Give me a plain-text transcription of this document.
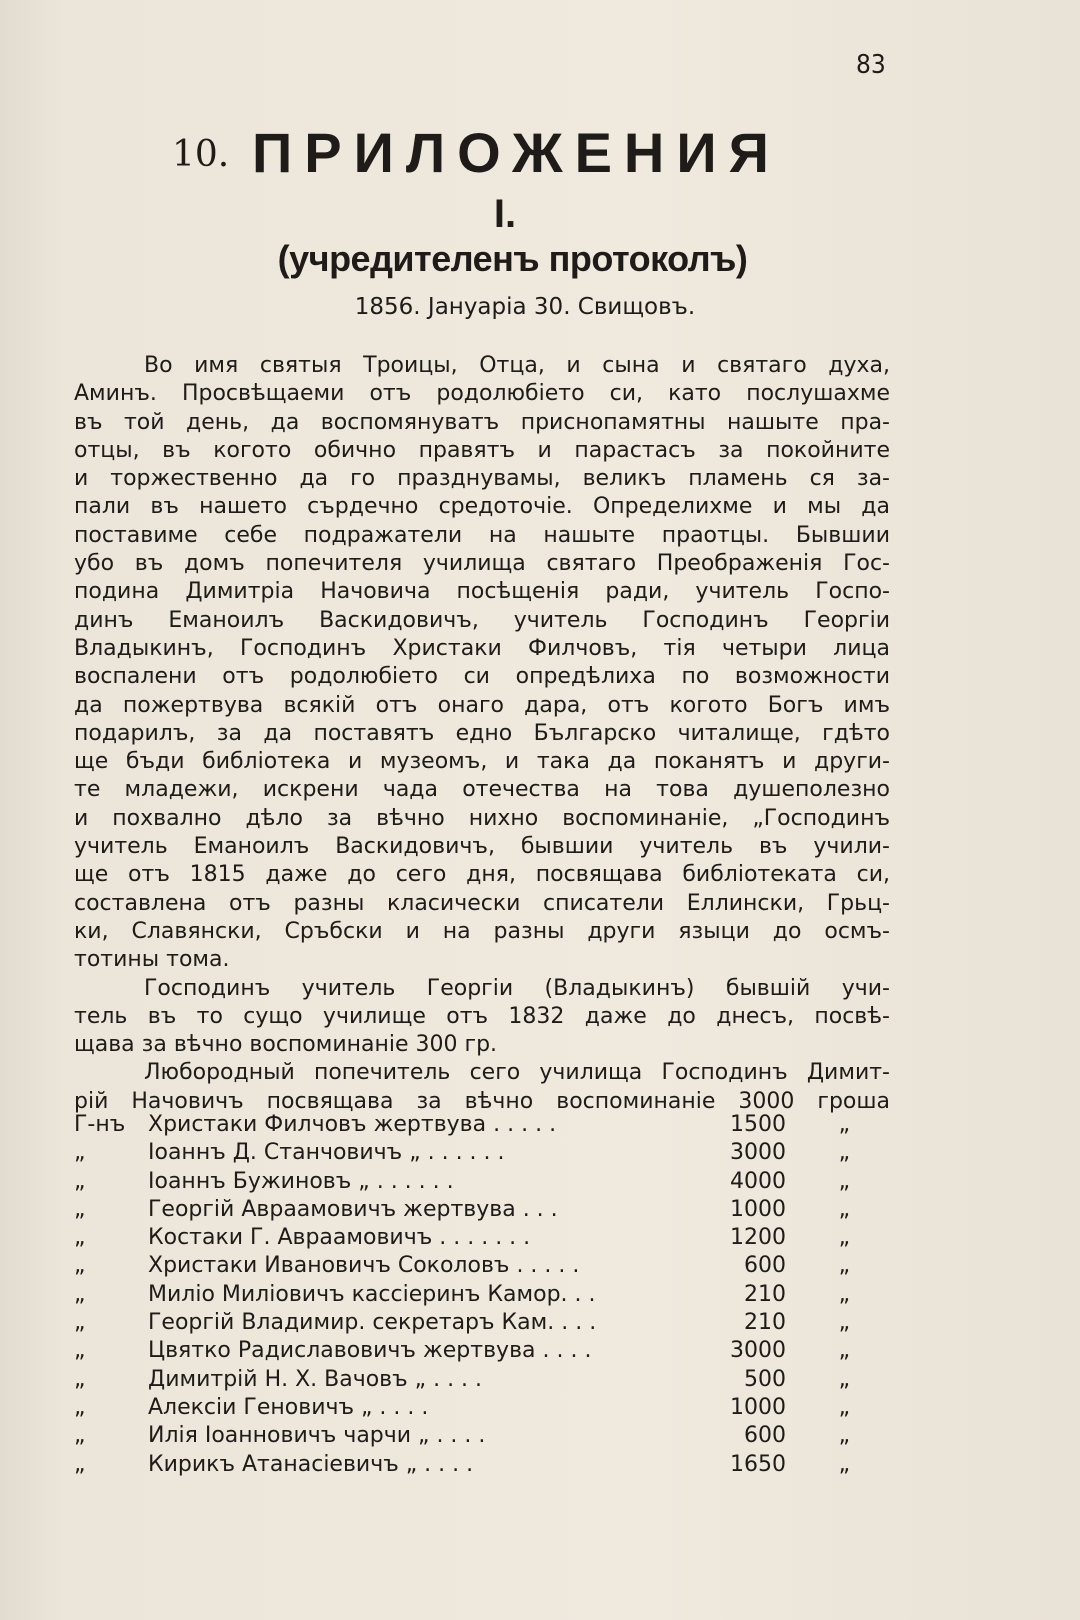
83
10. ПРИЛОЖЕНИЯ
I.
(учредителенъ протоколъ)
1856. Јануаріа 30. Свищовъ.
Во имя святыя Троицы, Отца, и сына и святаго духа,
Аминъ. Просвѣщаеми отъ родолюбіето си, като послушахме
въ той день, да воспомянуватъ приснопамятны нашыте пра-
отцы, въ когото обично правятъ и парастасъ за покойните
и торжественно да го празднувамы, великъ пламень ся за-
пали въ нашето сърдечно средоточіе. Определихме и мы да
поставиме себе подражатели на нашыте праотцы. Бывшии
убо въ домъ попечителя училища святаго Преображенія Гос-
подина Димитріа Начовича посѣщенія ради, учитель Госпо-
динъ Еманоилъ Васкидовичъ, учитель Господинъ Георгіи
Владыкинъ, Господинъ Христаки Филчовъ, тія четыри лица
воспалени отъ родолюбіето си опредѣлиха по возможности
да пожертвува всякій отъ онаго дара, отъ когото Богъ имъ
подарилъ, за да поставятъ едно Българско читалище, гдѣто
ще бъди библіотека и музеомъ, и така да поканятъ и други-
те младежи, искрени чада отечества на това душеполезно
и похвално дѣло за вѣчно нихно воспоминаніе, „Господинъ
учитель Еманоилъ Васкидовичъ, бывшии учитель въ учили-
ще отъ 1815 даже до сего дня, посвящава библіотеката си,
составлена отъ разны класически списатели Еллински, Грьц-
ки, Славянски, Сръбски и на разны други языци до осмъ-
тотины тома.
Господинъ учитель Георгіи (Владыкинъ) бывшій учи-
тель въ то сущо училище отъ 1832 даже до днесъ, посвѣ-
щава за вѣчно воспоминаніе 300 гр.
Любородный попечитель сего училища Господинъ Димит-
рій Начовичъ посвящава за вѣчно воспоминаніе 3000 гроша
Г-нъ Христаки Филчовъ жертвува . . . . .	1500 „
„	Іоаннъ Д. Станчовичъ „ . . . . . .	3000 „
„	Іоаннъ Бужиновъ „ . . . . . .	4000 „
„	Георгій Авраамовичъ жертвува . . .	1000 „
„	Костаки Г. Авраамовичъ . . . . . . .	1200 „
„	Христаки Ивановичъ Соколовъ . . . . .	600 „
„	Миліо Миліовичъ кассіеринъ Камор. . .	210 „
„	Георгій Владимир. секретаръ Кам. . . .	210 „
„	Цвятко Радиславовичъ жертвува . . . .	3000 „
„	Димитрій Н. Х. Вачовъ „ . . . .	500 „
„	Алексіи Геновичъ „ . . . .	1000 „
„	Илія Іоанновичъ чарчи „ . . . .	600 „
„	Кирикъ Атанасіевичъ „ . . . .	1650 „
